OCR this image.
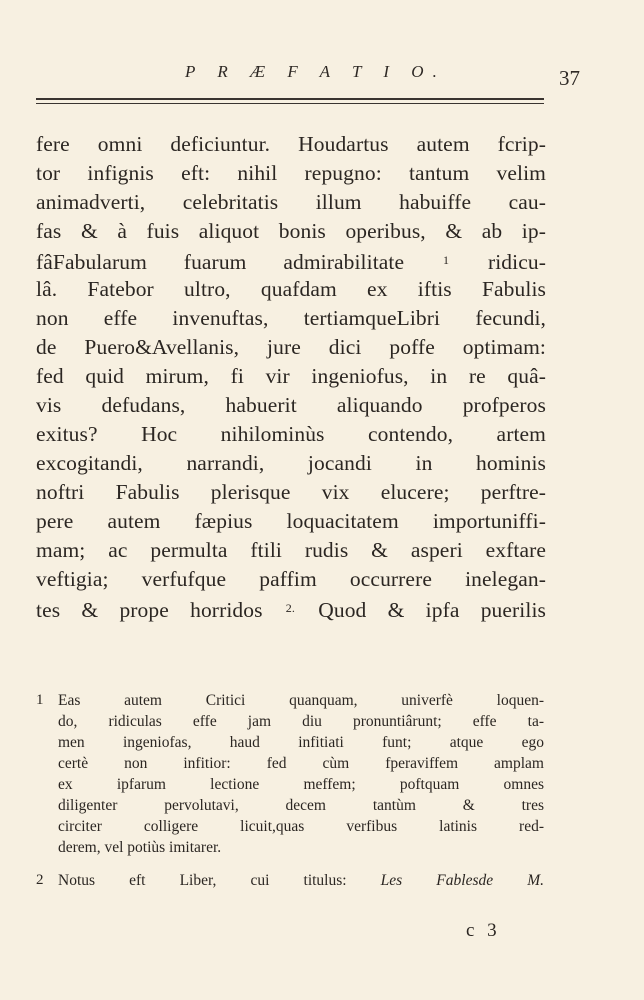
P R Æ F A T I O.	37
fere omni deficiuntur. Houdartus autem fcrip-
tor infignis eft: nihil repugno: tantum velim
animadverti, celebritatis illum habuiffe cau-
fas & à fuis aliquot bonis operibus, & ab ip-
fâFabularum fuarum admirabilitate	$^1$ ridicu-
lâ. Fatebor ultro, quafdam ex iftis Fabulis
non effe invenuftas, tertiamqueLibri fecundi,
de Puero&Avellanis, jure dici poffe optimam:
fed quid mirum, fi vir ingeniofus, in re quâ-
vis defudans, habuerit aliquando profperos
exitus? Hoc nihilominùs contendo, artem
excogitandi, narrandi, jocandi in hominis
noftri Fabulis plerisque vix elucere; perftre-
pere autem fæpius loquacitatem importuniffi-
mam; ac permulta ftili rudis & asperi exftare
veftigia; verfufque paffim occurrere inelegan-
tes & prope horridos $^{2.}$ Quod & ipfa puerilis
1 Eas autem Critici quanquam, univerfè loquen-
do, ridiculas effe jam diu pronuntiârunt; effe ta-
men ingeniofas, haud infitiati funt; atque ego
certè non infitior: fed cùm fperaviffem amplam
ex ipfarum lectione meffem; poftquam omnes
diligenter pervolutavi, decem tantùm & tres
circiter colligere licuit,quas verfibus latinis red-
derem, vel potiùs imitarer.
2 Notus eft Liber, cui titulus: Les Fablesde M.
c 3
